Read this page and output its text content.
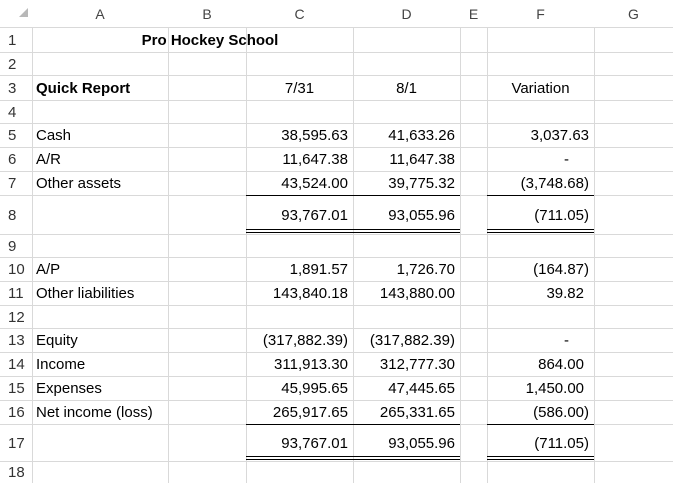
A	B	C	D	E	F	G
1
2
3
4
5
6
7
8
9
10
11
12
13
14
15
16
17
18
Pro Hockey School
Quick Report	7/31	8/1	Variation
Cash	38,595.63	41,633.26	3,037.63
A/R	11,647.38	11,647.38	-
Other assets	43,524.00	39,775.32	(3,748.68)
93,767.01	93,055.96	(711.05)
A/P	1,891.57	1,726.70	(164.87)
Other liabilities	143,840.18	143,880.00	39.82
Equity	(317,882.39)	(317,882.39)	-
Income	311,913.30	312,777.30	864.00
Expenses	45,995.65	47,445.65	1,450.00
Net income (loss)	265,917.65	265,331.65	(586.00)
93,767.01	93,055.96	(711.05)
